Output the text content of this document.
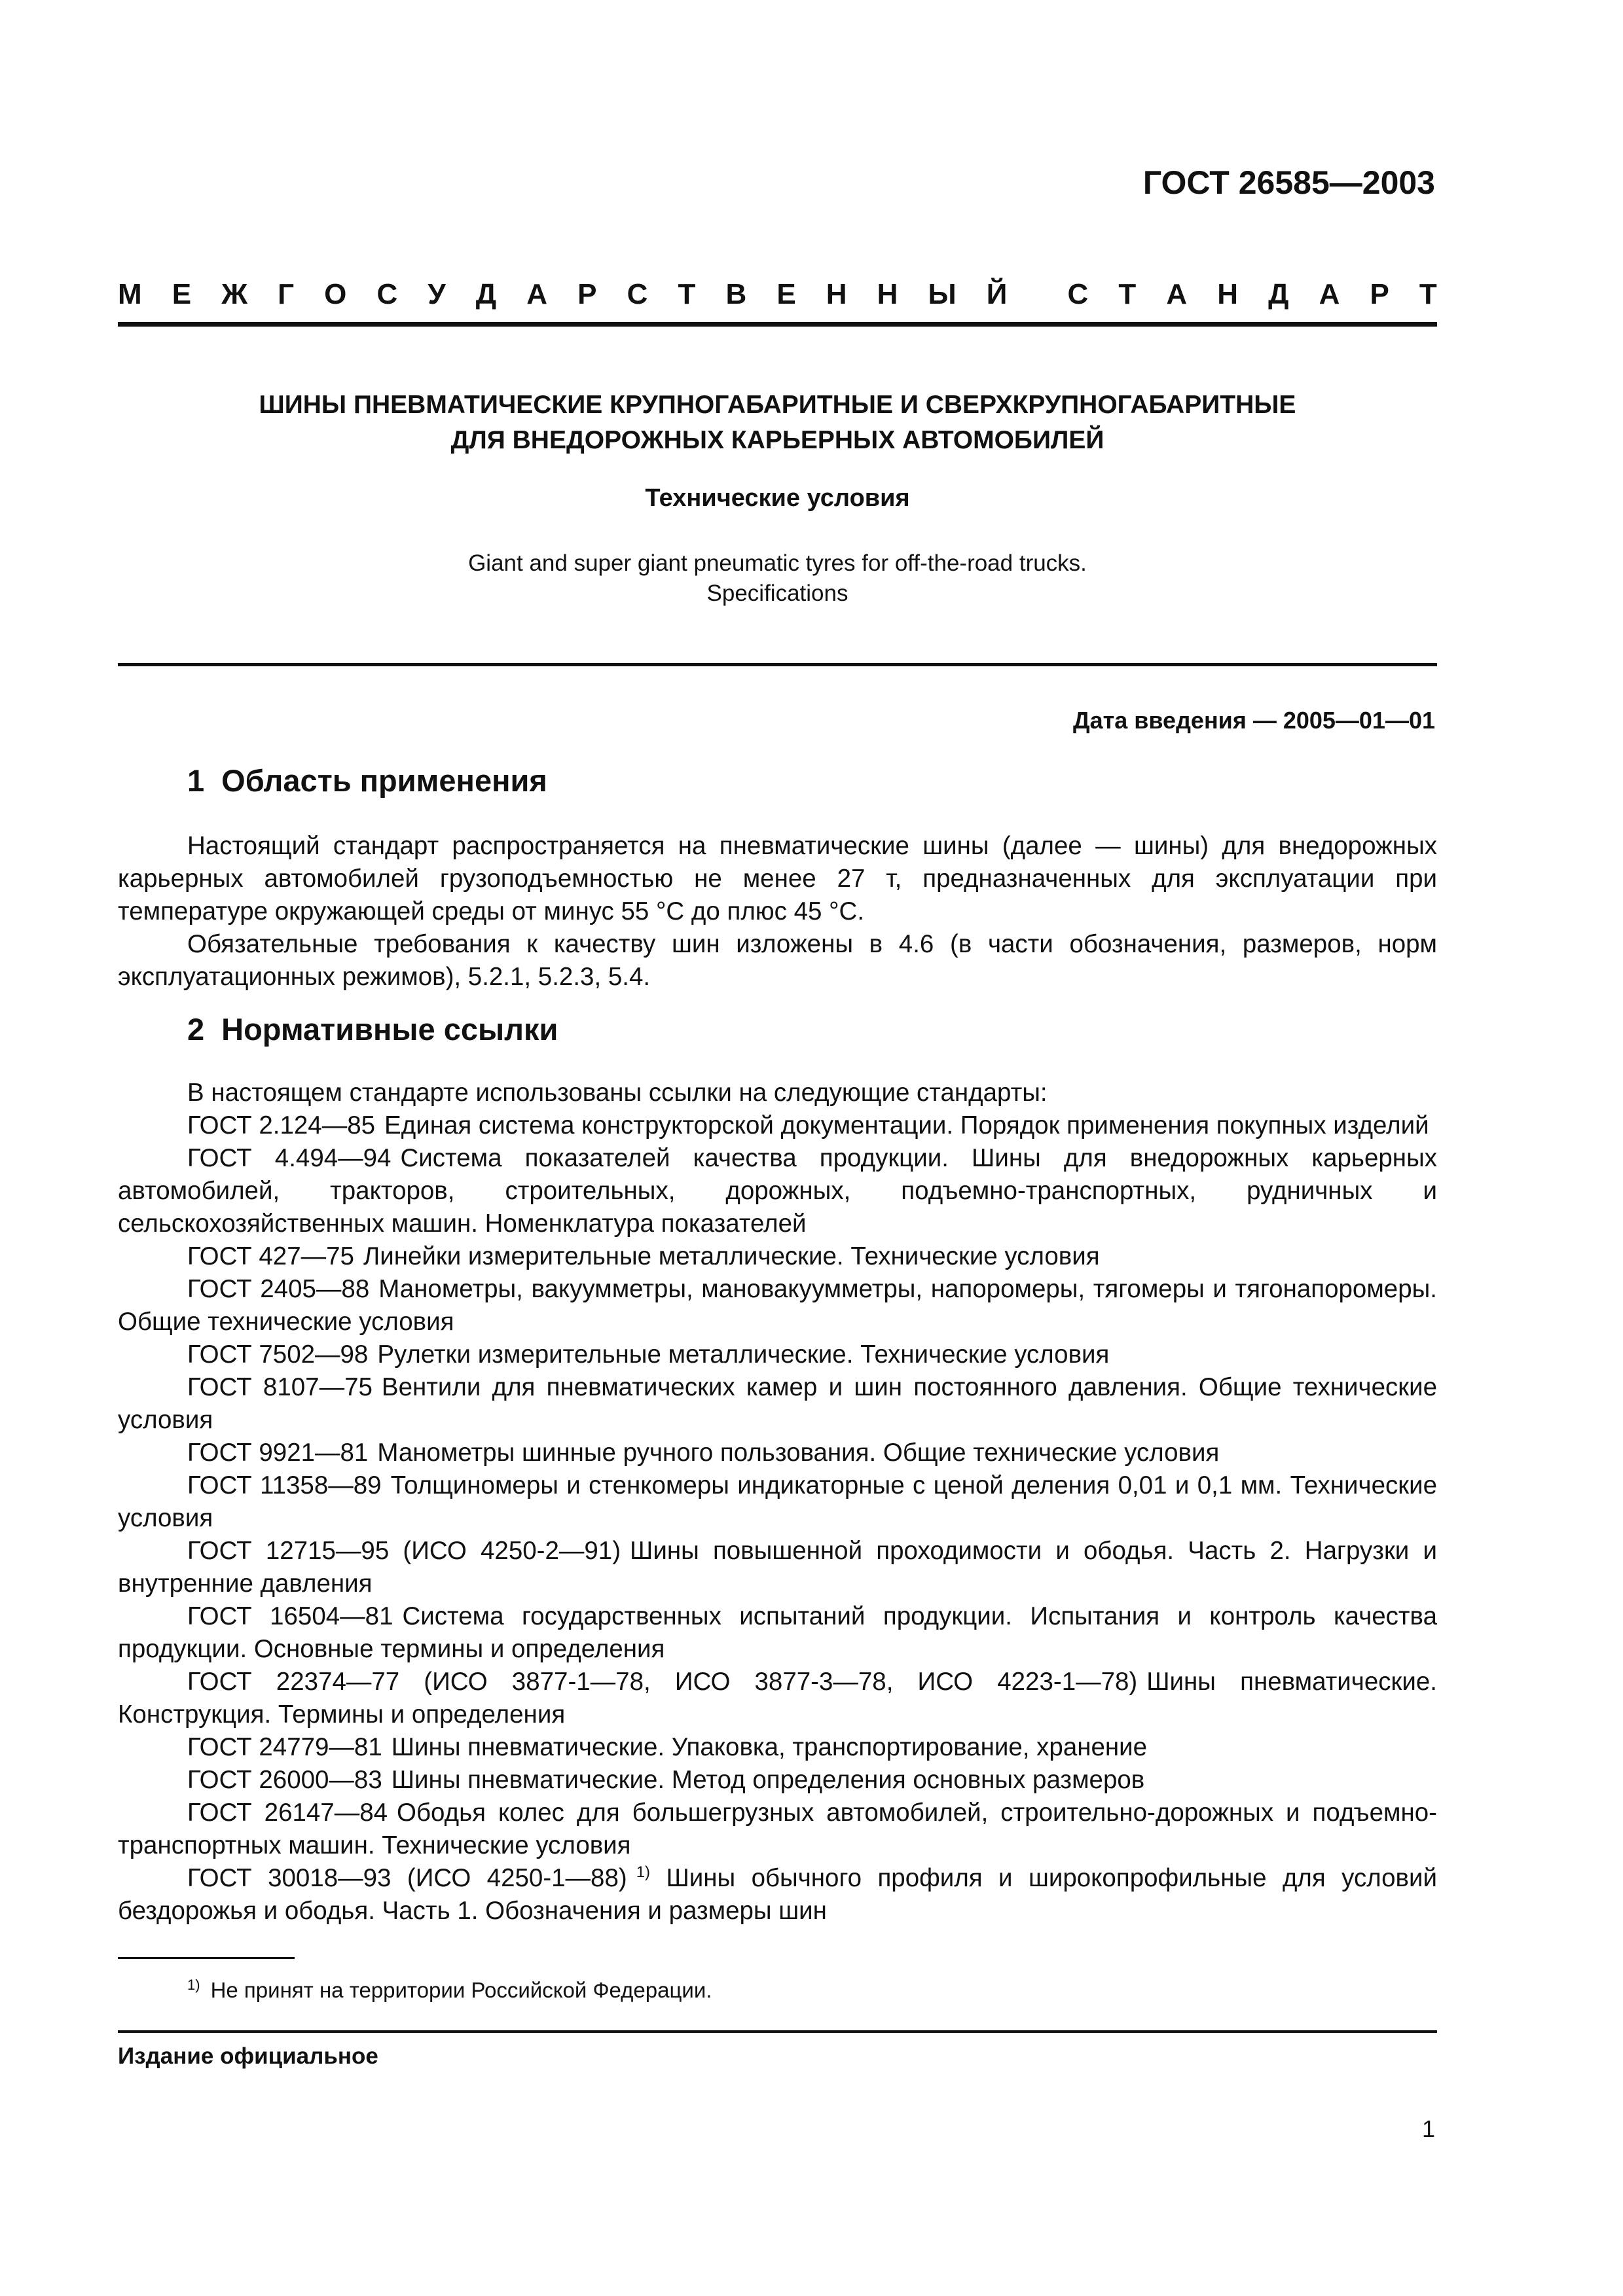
ГОСТ 26585—2003
М Е Ж Г О С У Д А Р С Т В Е Н Н Ы Й С Т А Н Д А Р Т
ШИНЫ ПНЕВМАТИЧЕСКИЕ КРУПНОГАБАРИТНЫЕ И СВЕРХКРУПНОГАБАРИТНЫЕ
ДЛЯ ВНЕДОРОЖНЫХ КАРЬЕРНЫХ АВТОМОБИЛЕЙ
Технические условия
Giant and super giant pneumatic tyres for off-the-road trucks.
Specifications
Дата введения — 2005—01—01
1 Область применения

Настоящий стандарт распространяется на пневматические шины (далее — шины) для внедорожных карьерных автомобилей грузоподъемностью не менее 27 т, предназначенных для эксплуатации при температуре окружающей среды от минус 55 °С до плюс 45 °С.

Обязательные требования к качеству шин изложены в 4.6 (в части обозначения, размеров, норм эксплуатационных режимов), 5.2.1, 5.2.3, 5.4.

2 Нормативные ссылки

В настоящем стандарте использованы ссылки на следующие стандарты:

ГОСТ 2.124—85 Единая система конструкторской документации. Порядок применения покупных изделий

ГОСТ 4.494—94 Система показателей качества продукции. Шины для внедорожных карьерных автомобилей, тракторов, строительных, дорожных, подъемно-транспортных, рудничных и сельскохозяйственных машин. Номенклатура показателей

ГОСТ 427—75 Линейки измерительные металлические. Технические условия

ГОСТ 2405—88 Манометры, вакуумметры, мановакуумметры, напоромеры, тягомеры и тягонапоромеры. Общие технические условия

ГОСТ 7502—98 Рулетки измерительные металлические. Технические условия

ГОСТ 8107—75 Вентили для пневматических камер и шин постоянного давления. Общие технические условия

ГОСТ 9921—81 Манометры шинные ручного пользования. Общие технические условия

ГОСТ 11358—89 Толщиномеры и стенкомеры индикаторные с ценой деления 0,01 и 0,1 мм. Технические условия

ГОСТ 12715—95 (ИСО 4250-2—91) Шины повышенной проходимости и ободья. Часть 2. Нагрузки и внутренние давления

ГОСТ 16504—81 Система государственных испытаний продукции. Испытания и контроль качества продукции. Основные термины и определения

ГОСТ 22374—77 (ИСО 3877-1—78, ИСО 3877-3—78, ИСО 4223-1—78) Шины пневматические. Конструкция. Термины и определения

ГОСТ 24779—81 Шины пневматические. Упаковка, транспортирование, хранение

ГОСТ 26000—83 Шины пневматические. Метод определения основных размеров

ГОСТ 26147—84 Ободья колес для большегрузных автомобилей, строительно-дорожных и подъемно-транспортных машин. Технические условия

ГОСТ 30018—93 (ИСО 4250-1—88) $^{1)}$ Шины обычного профиля и широкопрофильные для условий бездорожья и ободья. Часть 1. Обозначения и размеры шин

$^{1)}$ Не принят на территории Российской Федерации.
Издание официальное
1
